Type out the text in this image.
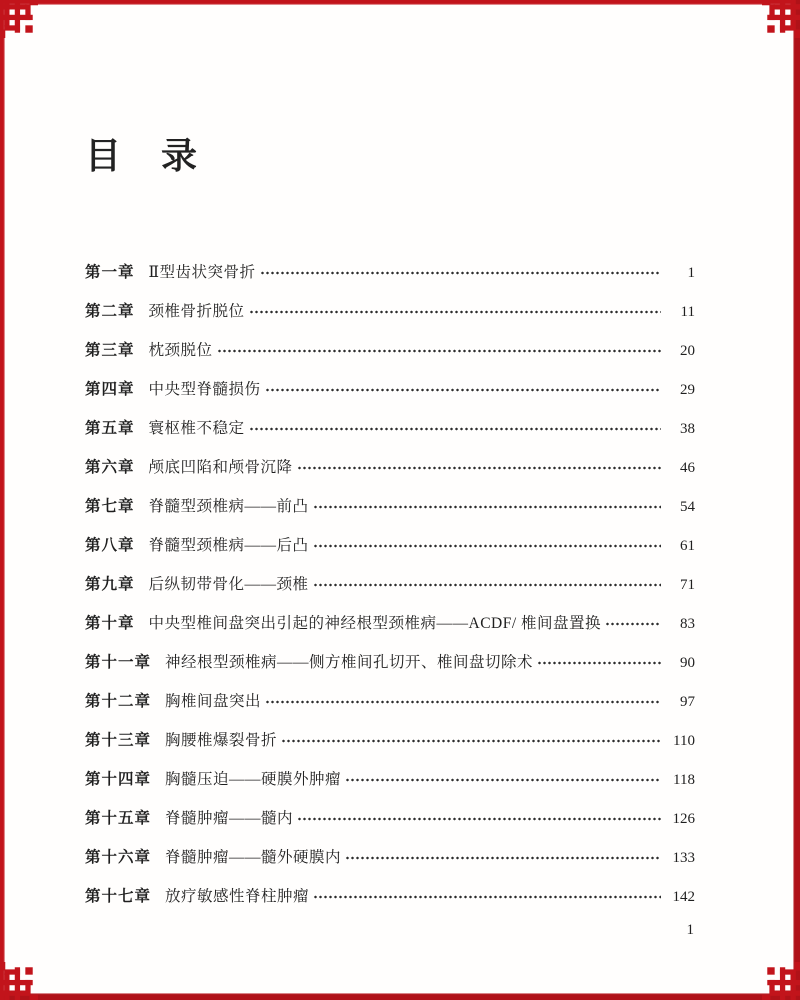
目　录
第一章 Ⅱ型齿状突骨折	1
第二章 颈椎骨折脱位	11
第三章 枕颈脱位	20
第四章 中央型脊髓损伤	29
第五章 寰枢椎不稳定	38
第六章 颅底凹陷和颅骨沉降	46
第七章 脊髓型颈椎病——前凸	54
第八章 脊髓型颈椎病——后凸	61
第九章 后纵韧带骨化——颈椎	71
第十章 中央型椎间盘突出引起的神经根型颈椎病——ACDF/ 椎间盘置换	83
第十一章 神经根型颈椎病——侧方椎间孔切开、椎间盘切除术	90
第十二章 胸椎间盘突出	97
第十三章 胸腰椎爆裂骨折	110
第十四章 胸髓压迫——硬膜外肿瘤	118
第十五章 脊髓肿瘤——髓内	126
第十六章 脊髓肿瘤——髓外硬膜内	133
第十七章 放疗敏感性脊柱肿瘤	142
1
